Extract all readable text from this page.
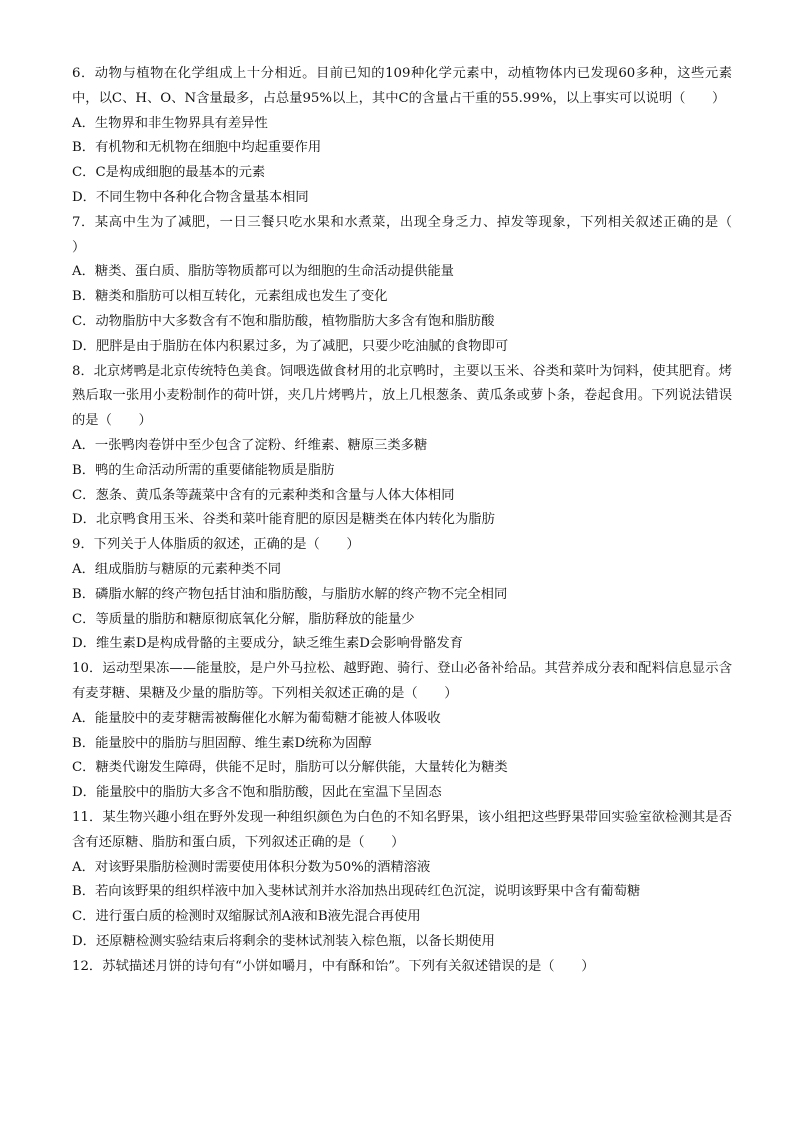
6．动物与植物在化学组成上十分相近。目前已知的109种化学元素中，动植物体内已发现60多种，这些元素中，以C、H、O、N含量最多，占总量95%以上，其中C的含量占干重的55.99%，以上事实可以说明（　　）

A．生物界和非生物界具有差异性
B．有机物和无机物在细胞中均起重要作用
C．C是构成细胞的最基本的元素
D．不同生物中各种化合物含量基本相同

7．某高中生为了减肥，一日三餐只吃水果和水煮菜，出现全身乏力、掉发等现象，下列相关叙述正确的是（　　）

A．糖类、蛋白质、脂肪等物质都可以为细胞的生命活动提供能量
B．糖类和脂肪可以相互转化，元素组成也发生了变化
C．动物脂肪中大多数含有不饱和脂肪酸，植物脂肪大多含有饱和脂肪酸
D．肥胖是由于脂肪在体内积累过多，为了减肥，只要少吃油腻的食物即可

8．北京烤鸭是北京传统特色美食。饲喂选做食材用的北京鸭时，主要以玉米、谷类和菜叶为饲料，使其肥育。烤熟后取一张用小麦粉制作的荷叶饼，夹几片烤鸭片，放上几根葱条、黄瓜条或萝卜条，卷起食用。下列说法错误的是（　　）

A．一张鸭肉卷饼中至少包含了淀粉、纤维素、糖原三类多糖
B．鸭的生命活动所需的重要储能物质是脂肪
C．葱条、黄瓜条等蔬菜中含有的元素种类和含量与人体大体相同
D．北京鸭食用玉米、谷类和菜叶能育肥的原因是糖类在体内转化为脂肪

9．下列关于人体脂质的叙述，正确的是（　　）

A．组成脂肪与糖原的元素种类不同
B．磷脂水解的终产物包括甘油和脂肪酸，与脂肪水解的终产物不完全相同
C．等质量的脂肪和糖原彻底氧化分解，脂肪释放的能量少
D．维生素D是构成骨骼的主要成分，缺乏维生素D会影响骨骼发育

10．运动型果冻——能量胶，是户外马拉松、越野跑、骑行、登山必备补给品。其营养成分表和配料信息显示含有麦芽糖、果糖及少量的脂肪等。下列相关叙述正确的是（　　）

A．能量胶中的麦芽糖需被酶催化水解为葡萄糖才能被人体吸收
B．能量胶中的脂肪与胆固醇、维生素D统称为固醇
C．糖类代谢发生障碍，供能不足时，脂肪可以分解供能，大量转化为糖类
D．能量胶中的脂肪大多含不饱和脂肪酸，因此在室温下呈固态

11．某生物兴趣小组在野外发现一种组织颜色为白色的不知名野果，该小组把这些野果带回实验室欲检测其是否含有还原糖、脂肪和蛋白质，下列叙述正确的是（　　）

A．对该野果脂肪检测时需要使用体积分数为50%的酒精溶液
B．若向该野果的组织样液中加入斐林试剂并水浴加热出现砖红色沉淀，说明该野果中含有葡萄糖
C．进行蛋白质的检测时双缩脲试剂A液和B液先混合再使用
D．还原糖检测实验结束后将剩余的斐林试剂装入棕色瓶，以备长期使用

12．苏轼描述月饼的诗句有“小饼如嚼月，中有酥和饴”。下列有关叙述错误的是（　　）
